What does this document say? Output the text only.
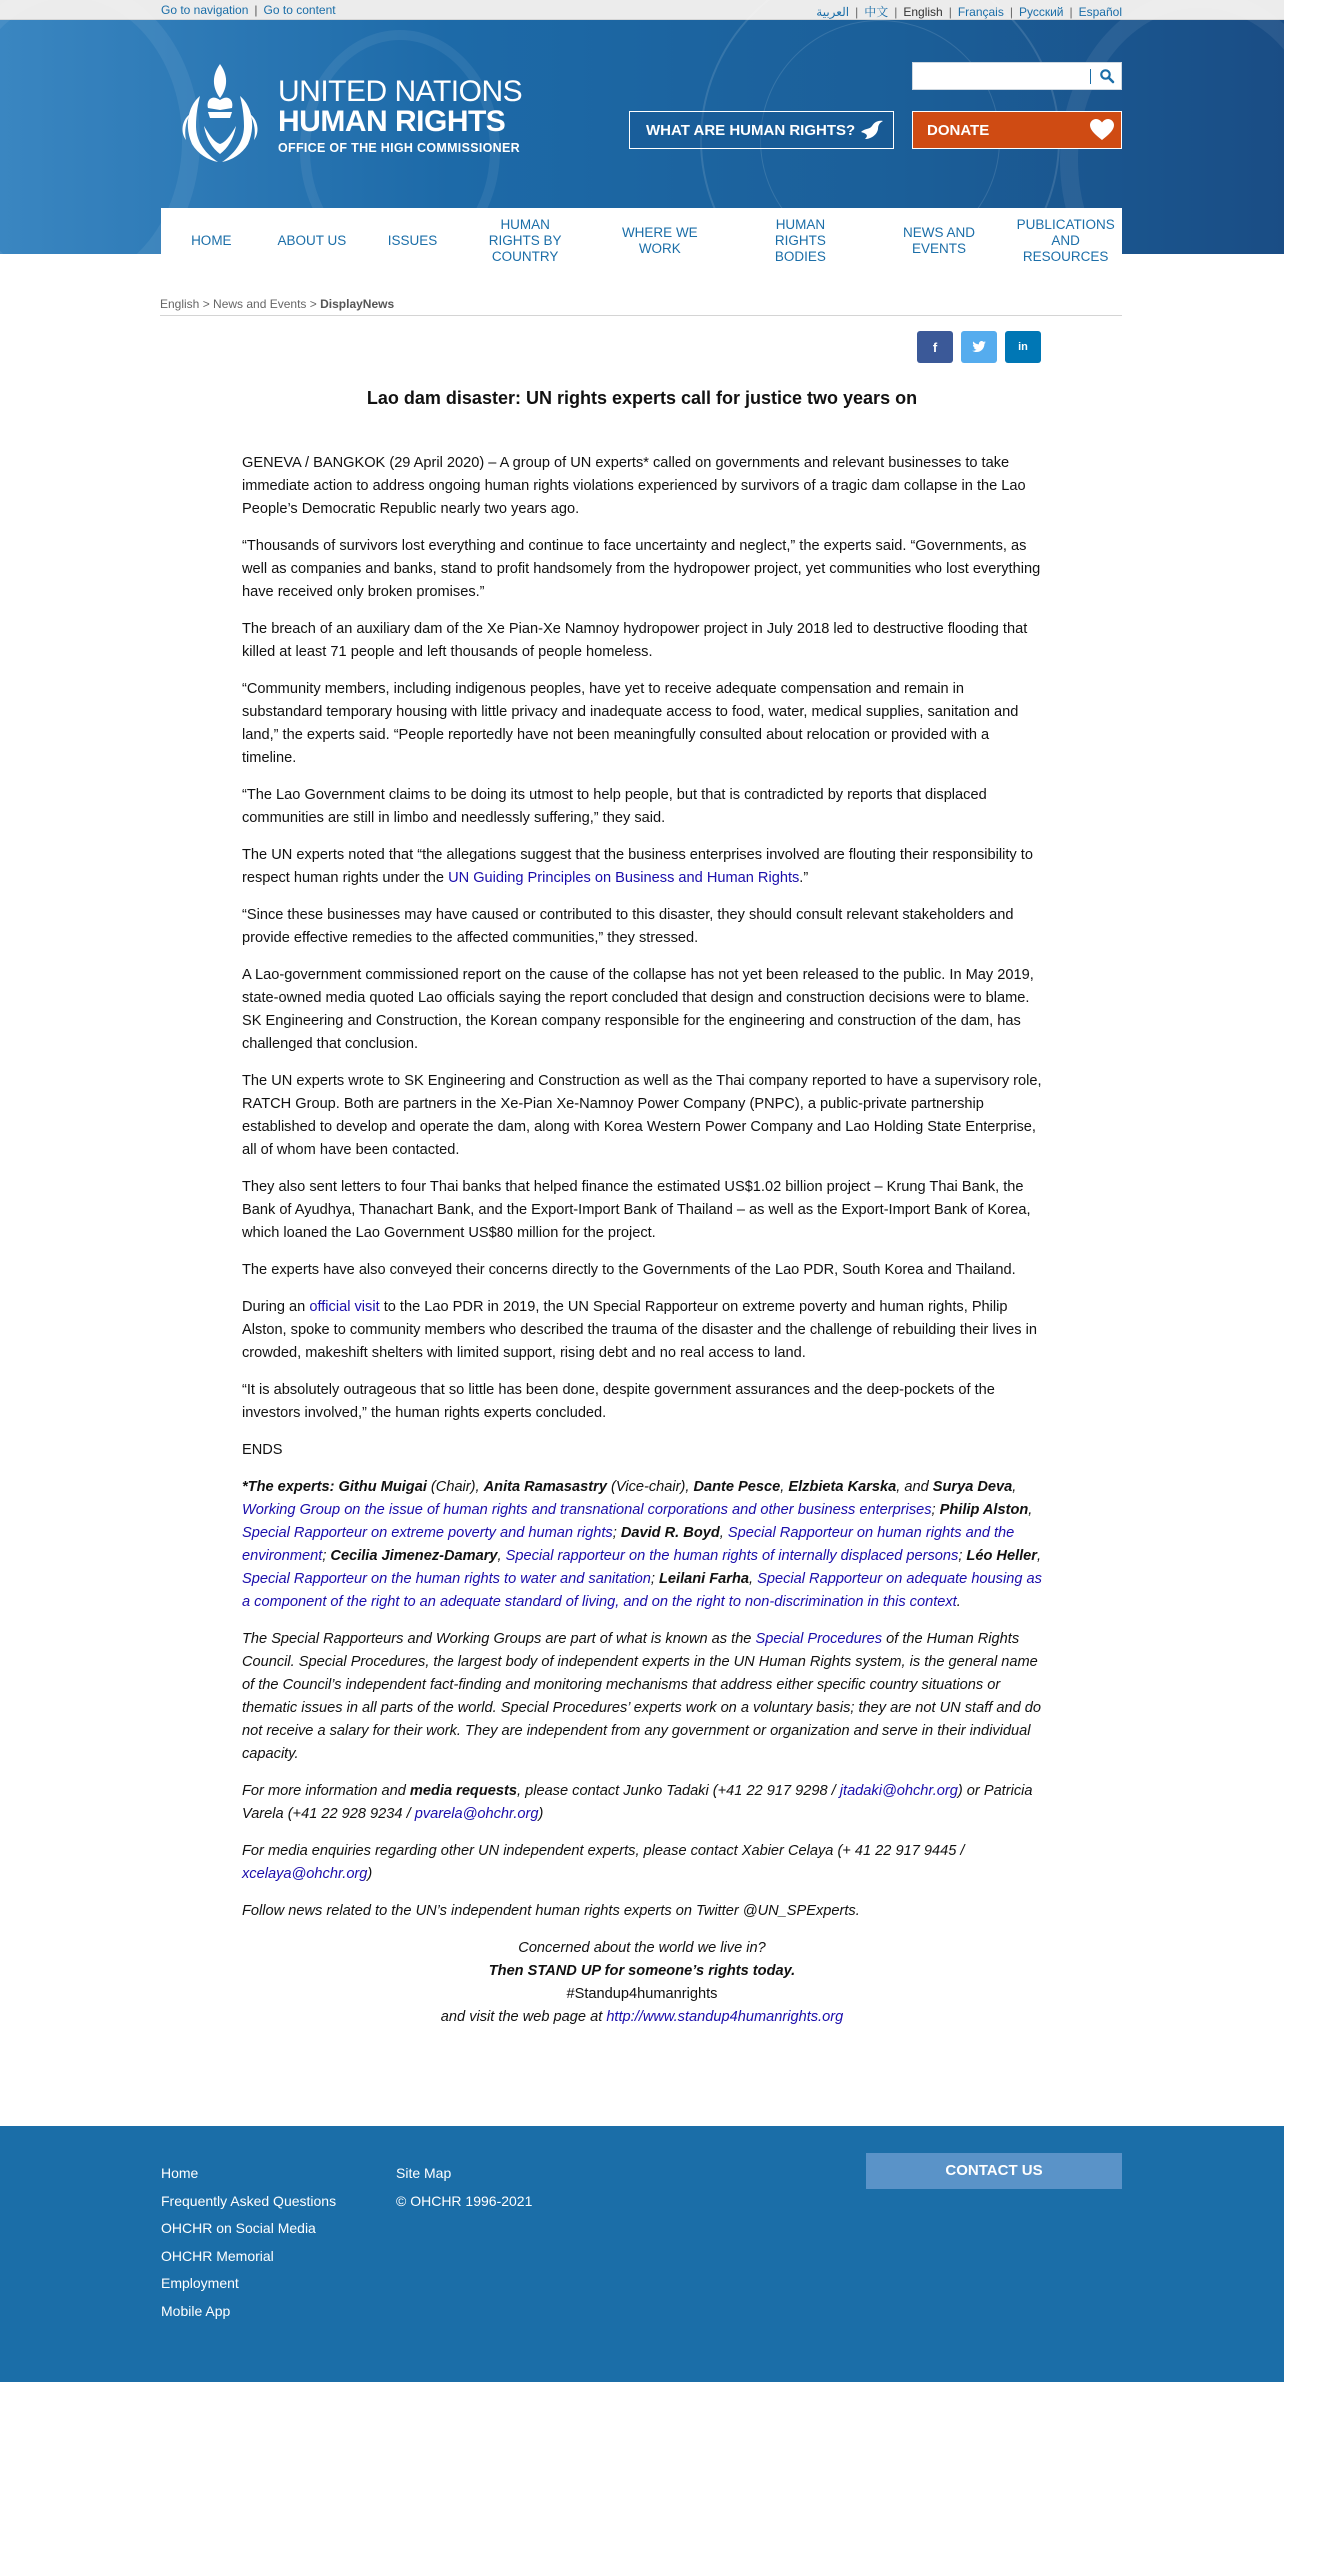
Go to navigation | Go to content	العربية | 中文 | English | Français | Русский | Español
UNITED NATIONS
HUMAN RIGHTS
OFFICE OF THE HIGH COMMISSIONER
WHAT ARE HUMAN RIGHTS?	DONATE
HOME	ABOUT US	ISSUES
HUMAN RIGHTS BY COUNTRY
WHERE WE WORK
HUMAN RIGHTS BODIES
NEWS AND EVENTS
PUBLICATIONS AND RESOURCES
English > News and Events > DisplayNews
f	in
Lao dam disaster: UN rights experts call for justice two years on

GENEVA / BANGKOK (29 April 2020) – A group of UN experts* called on governments and relevant businesses to take immediate action to address ongoing human rights violations experienced by survivors of a tragic dam collapse in the Lao People’s Democratic Republic nearly two years ago.

“Thousands of survivors lost everything and continue to face uncertainty and neglect,” the experts said. “Governments, as well as companies and banks, stand to profit handsomely from the hydropower project, yet communities who lost everything have received only broken promises.”

The breach of an auxiliary dam of the Xe Pian-Xe Namnoy hydropower project in July 2018 led to destructive flooding that killed at least 71 people and left thousands of people homeless.

“Community members, including indigenous peoples, have yet to receive adequate compensation and remain in substandard temporary housing with little privacy and inadequate access to food, water, medical supplies, sanitation and land,” the experts said. “People reportedly have not been meaningfully consulted about relocation or provided with a timeline.

“The Lao Government claims to be doing its utmost to help people, but that is contradicted by reports that displaced communities are still in limbo and needlessly suffering,” they said.

The UN experts noted that “the allegations suggest that the business enterprises involved are flouting their responsibility to respect human rights under the UN Guiding Principles on Business and Human Rights.”

“Since these businesses may have caused or contributed to this disaster, they should consult relevant stakeholders and provide effective remedies to the affected communities,” they stressed.

A Lao-government commissioned report on the cause of the collapse has not yet been released to the public. In May 2019, state-owned media quoted Lao officials saying the report concluded that design and construction decisions were to blame. SK Engineering and Construction, the Korean company responsible for the engineering and construction of the dam, has challenged that conclusion.

The UN experts wrote to SK Engineering and Construction as well as the Thai company reported to have a supervisory role, RATCH Group. Both are partners in the Xe-Pian Xe-Namnoy Power Company (PNPC), a public-private partnership established to develop and operate the dam, along with Korea Western Power Company and Lao Holding State Enterprise, all of whom have been contacted.

They also sent letters to four Thai banks that helped finance the estimated US$1.02 billion project – Krung Thai Bank, the Bank of Ayudhya, Thanachart Bank, and the Export-Import Bank of Thailand – as well as the Export-Import Bank of Korea, which loaned the Lao Government US$80 million for the project.

The experts have also conveyed their concerns directly to the Governments of the Lao PDR, South Korea and Thailand.

During an official visit to the Lao PDR in 2019, the UN Special Rapporteur on extreme poverty and human rights, Philip Alston, spoke to community members who described the trauma of the disaster and the challenge of rebuilding their lives in crowded, makeshift shelters with limited support, rising debt and no real access to land.

“It is absolutely outrageous that so little has been done, despite government assurances and the deep-pockets of the investors involved,” the human rights experts concluded.

ENDS

*The experts: Githu Muigai (Chair), Anita Ramasastry (Vice-chair), Dante Pesce, Elzbieta Karska, and Surya Deva, Working Group on the issue of human rights and transnational corporations and other business enterprises; Philip Alston, Special Rapporteur on extreme poverty and human rights; David R. Boyd, Special Rapporteur on human rights and the environment; Cecilia Jimenez-Damary, Special rapporteur on the human rights of internally displaced persons; Léo Heller, Special Rapporteur on the human rights to water and sanitation; Leilani Farha, Special Rapporteur on adequate housing as a component of the right to an adequate standard of living, and on the right to non-discrimination in this context.

The Special Rapporteurs and Working Groups are part of what is known as the Special Procedures of the Human Rights Council. Special Procedures, the largest body of independent experts in the UN Human Rights system, is the general name of the Council’s independent fact-finding and monitoring mechanisms that address either specific country situations or thematic issues in all parts of the world. Special Procedures’ experts work on a voluntary basis; they are not UN staff and do not receive a salary for their work. They are independent from any government or organization and serve in their individual capacity.

For more information and media requests, please contact Junko Tadaki (+41 22 917 9298 / jtadaki@ohchr.org) or Patricia Varela (+41 22 928 9234 / pvarela@ohchr.org)

For media enquiries regarding other UN independent experts, please contact Xabier Celaya (+ 41 22 917 9445 / xcelaya@ohchr.org)

Follow news related to the UN’s independent human rights experts on Twitter @UN_SPExperts.

Concerned about the world we live in?

Then STAND UP for someone’s rights today.

#Standup4humanrights

and visit the web page at http://www.standup4humanrights.org

Home
Frequently Asked Questions
OHCHR on Social Media
OHCHR Memorial
Employment
Mobile App
Site Map
© OHCHR 1996-2021
CONTACT US
